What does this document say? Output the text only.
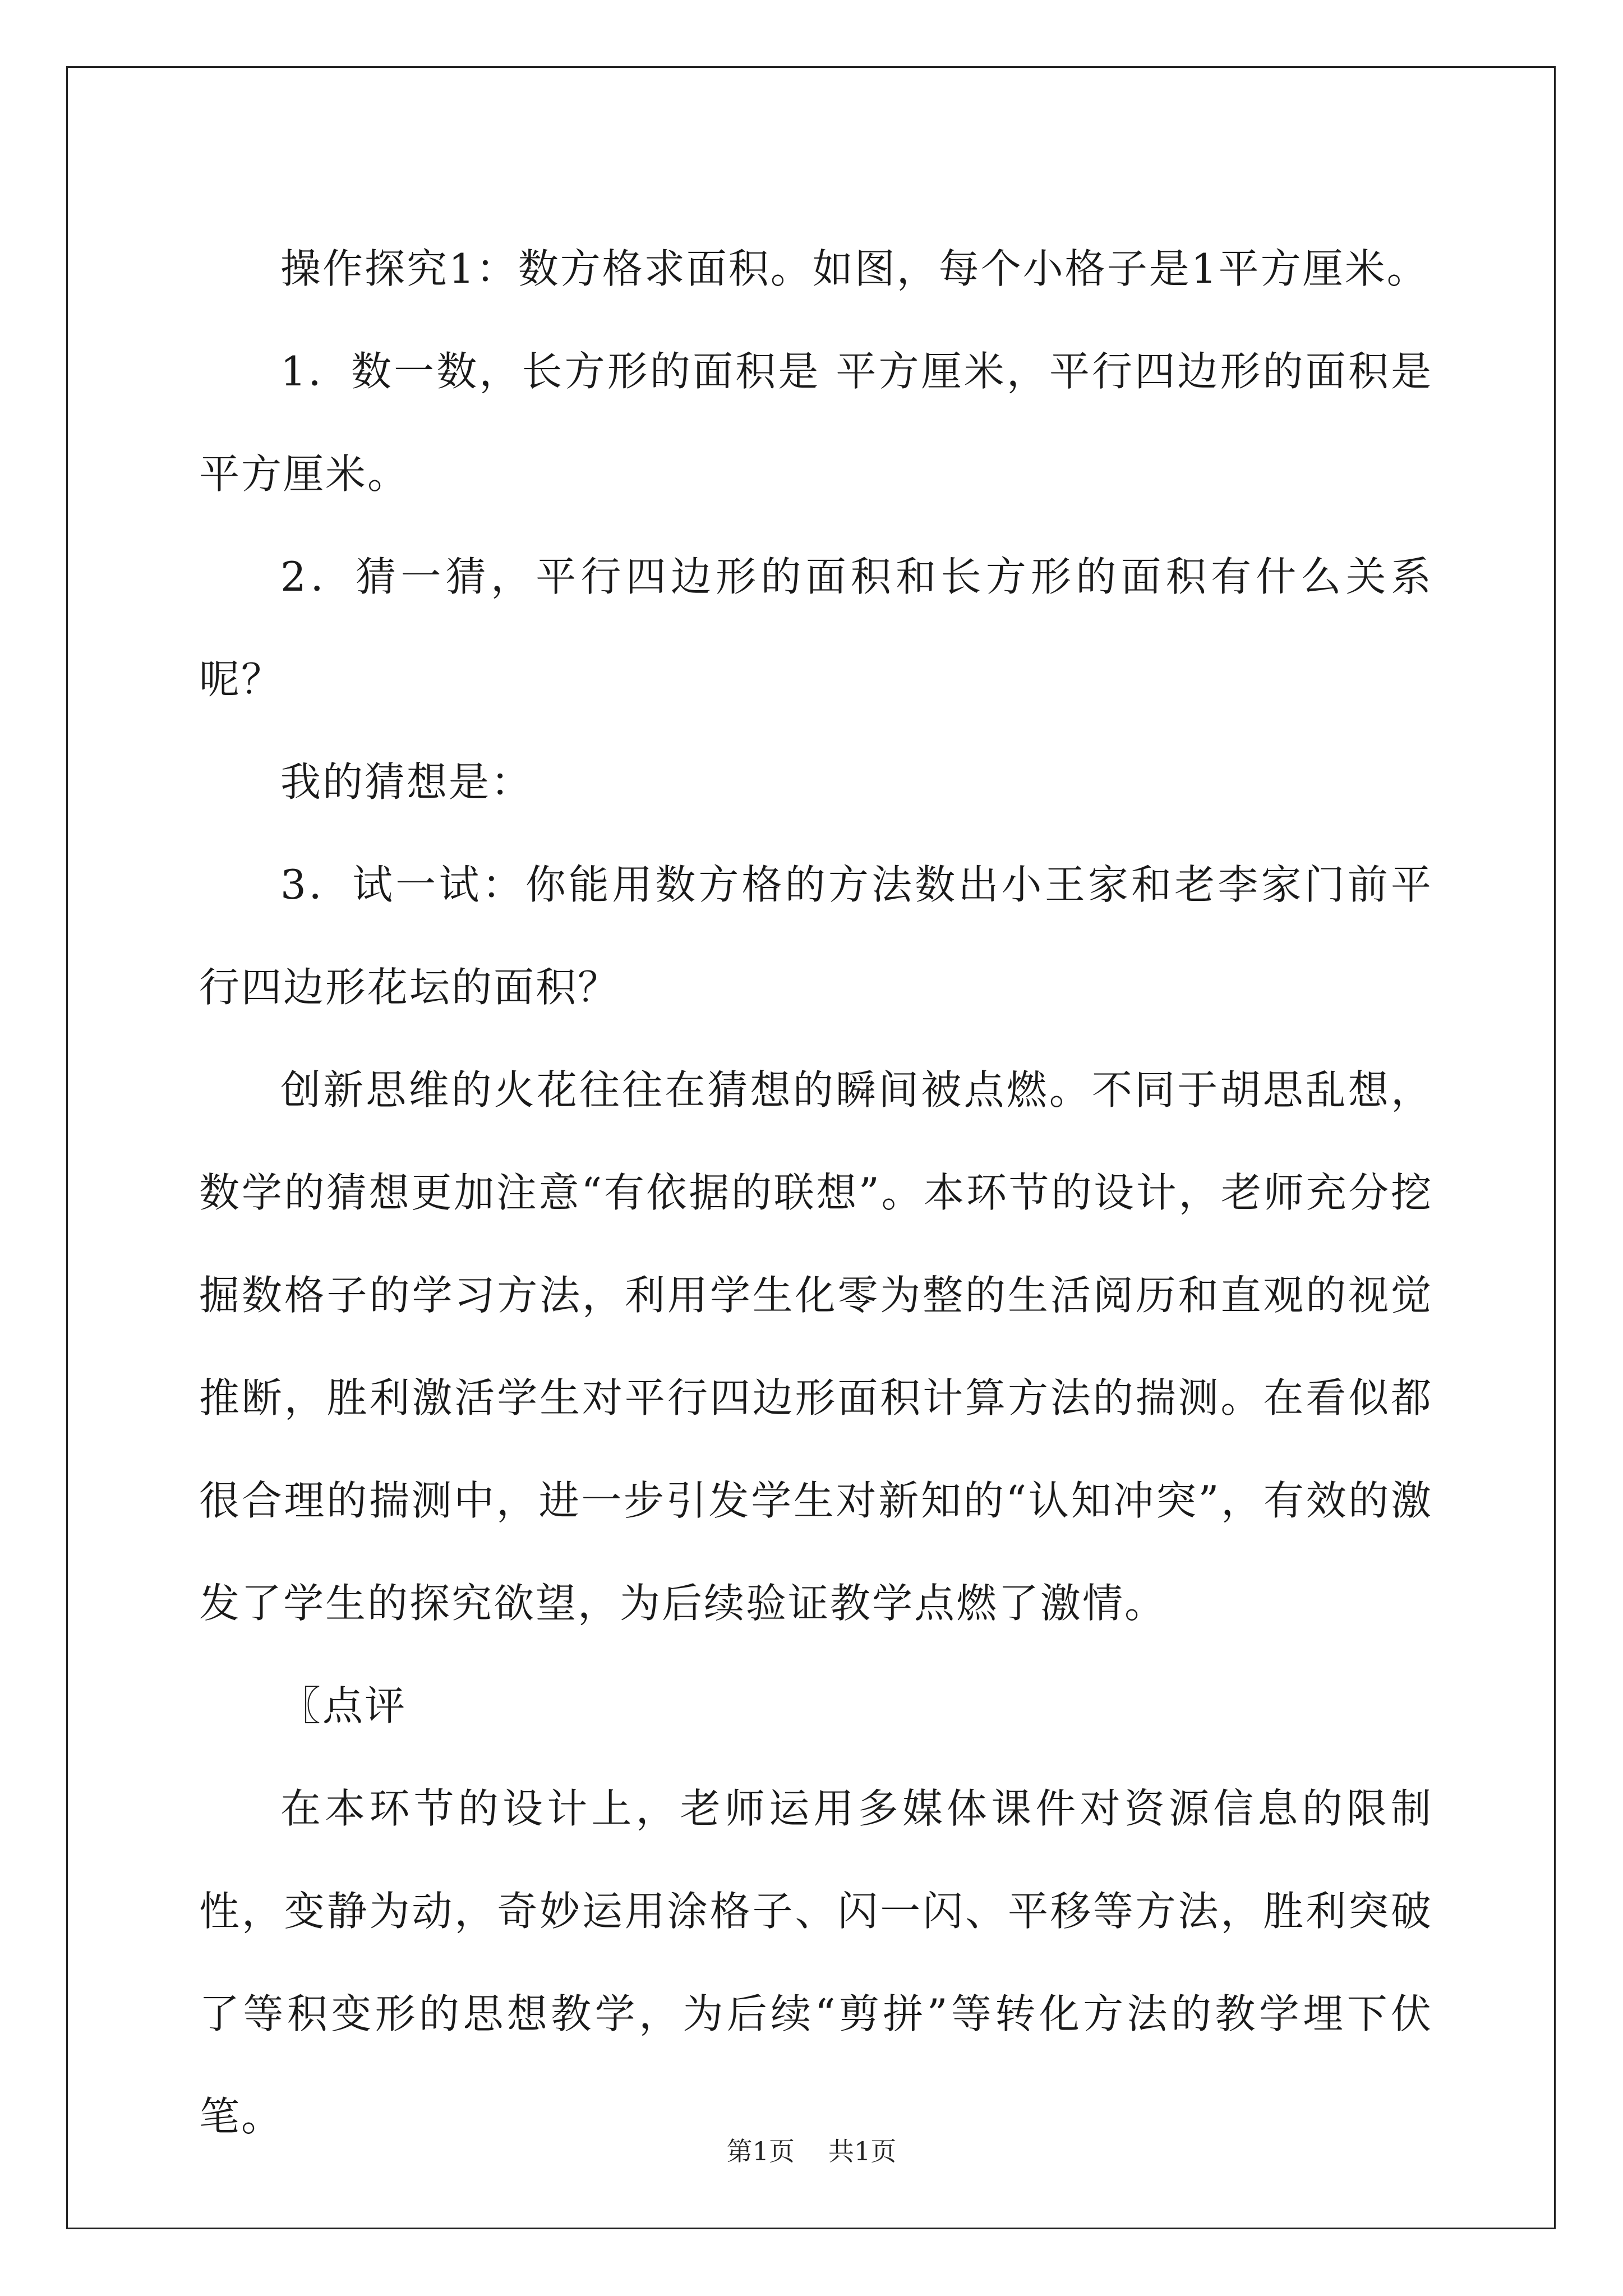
操作探究1：数方格求面积。如图，每个小格子是1平方厘米。

1．数一数，长方形的面积是 平方厘米，平行四边形的面积是 平方厘米。

2．猜一猜，平行四边形的面积和长方形的面积有什么关系呢？

我的猜想是：

3．试一试：你能用数方格的方法数出小王家和老李家门前平行四边形花坛的面积？

创新思维的火花往往在猜想的瞬间被点燃。不同于胡思乱想，数学的猜想更加注意“有依据的联想”。本环节的设计，老师充分挖掘数格子的学习方法，利用学生化零为整的生活阅历和直观的视觉推断，胜利激活学生对平行四边形面积计算方法的揣测。在看似都很合理的揣测中，进一步引发学生对新知的“认知冲突”，有效的激发了学生的探究欲望，为后续验证教学点燃了激情。

〖点评

在本环节的设计上，老师运用多媒体课件对资源信息的限制性，变静为动，奇妙运用涂格子、闪一闪、平移等方法，胜利突破了等积变形的思想教学，为后续“剪拼”等转化方法的教学埋下伏笔。

第1页 共1页
